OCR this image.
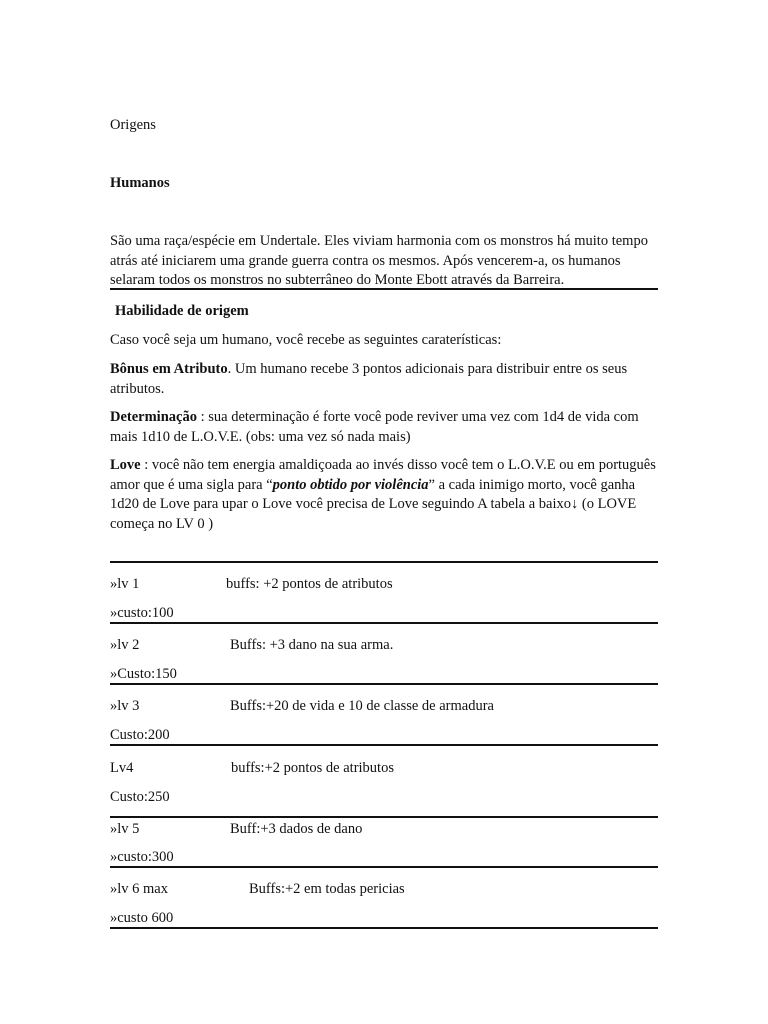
Origens
Humanos
São uma raça/espécie em Undertale. Eles viviam harmonia com os monstros há muito tempo atrás até iniciarem uma grande guerra contra os mesmos. Após vencerem-a, os humanos selaram todos os monstros no subterrâneo do Monte Ebott através da Barreira.
Habilidade de origem
Caso você seja um humano, você recebe as seguintes caraterísticas:
Bônus em Atributo. Um humano recebe 3 pontos adicionais para distribuir entre os seus atributos.
Determinação : sua determinação é forte você pode reviver uma vez com 1d4 de vida com mais 1d10 de L.O.V.E. (obs: uma vez só nada mais)
Love : você não tem energia amaldiçoada ao invés disso você tem o L.O.V.E ou em português amor que é uma sigla para “ponto obtido por violência” a cada inimigo morto, você ganha 1d20 de Love para upar o Love você precisa de Love seguindo A tabela a baixo↓ (o LOVE começa no LV 0 )
»lv 1	buffs: +2 pontos de atributos
»custo:100
»lv 2	Buffs: +3 dano na sua arma.
»Custo:150
»lv 3	Buffs:+20 de vida e 10 de classe de armadura
Custo:200
Lv4	buffs:+2 pontos de atributos
Custo:250
»lv 5	Buff:+3 dados de dano
»custo:300
»lv 6 max	Buffs:+2 em todas pericias
»custo 600
